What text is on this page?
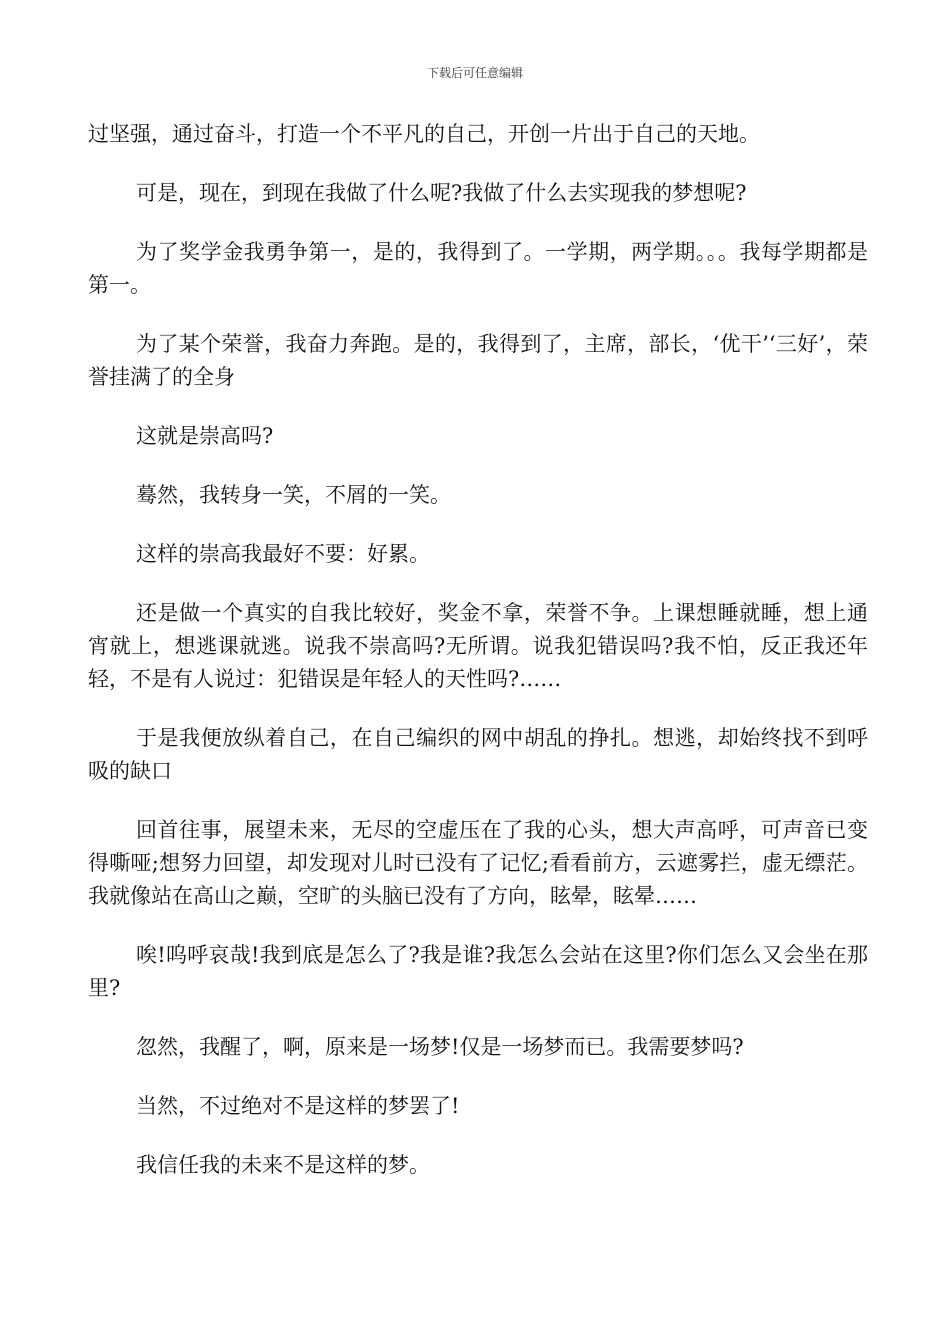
下载后可任意编辑

过坚强，通过奋斗，打造一个不平凡的自己，开创一片出于自己的天地。

可是，现在，到现在我做了什么呢?我做了什么去实现我的梦想呢?

为了奖学金我勇争第一，是的，我得到了。一学期，两学期。。。我每学期都是第一。

为了某个荣誉，我奋力奔跑。是的，我得到了，主席，部长，‘优干’‘三好’，荣誉挂满了的全身

这就是崇高吗?

蓦然，我转身一笑，不屑的一笑。

这样的崇高我最好不要：好累。

还是做一个真实的自我比较好，奖金不拿，荣誉不争。上课想睡就睡，想上通宵就上，想逃课就逃。说我不崇高吗?无所谓。说我犯错误吗?我不怕，反正我还年轻，不是有人说过：犯错误是年轻人的天性吗?……

于是我便放纵着自己，在自己编织的网中胡乱的挣扎。想逃，却始终找不到呼吸的缺口

回首往事，展望未来，无尽的空虚压在了我的心头，想大声高呼，可声音已变得嘶哑;想努力回望，却发现对儿时已没有了记忆;看看前方，云遮雾拦，虚无缥茫。我就像站在高山之巅，空旷的头脑已没有了方向，眩晕，眩晕……

唉!呜呼哀哉!我到底是怎么了?我是谁?我怎么会站在这里?你们怎么又会坐在那里?

忽然，我醒了，啊，原来是一场梦!仅是一场梦而已。我需要梦吗?

当然，不过绝对不是这样的梦罢了!

我信任我的未来不是这样的梦。
